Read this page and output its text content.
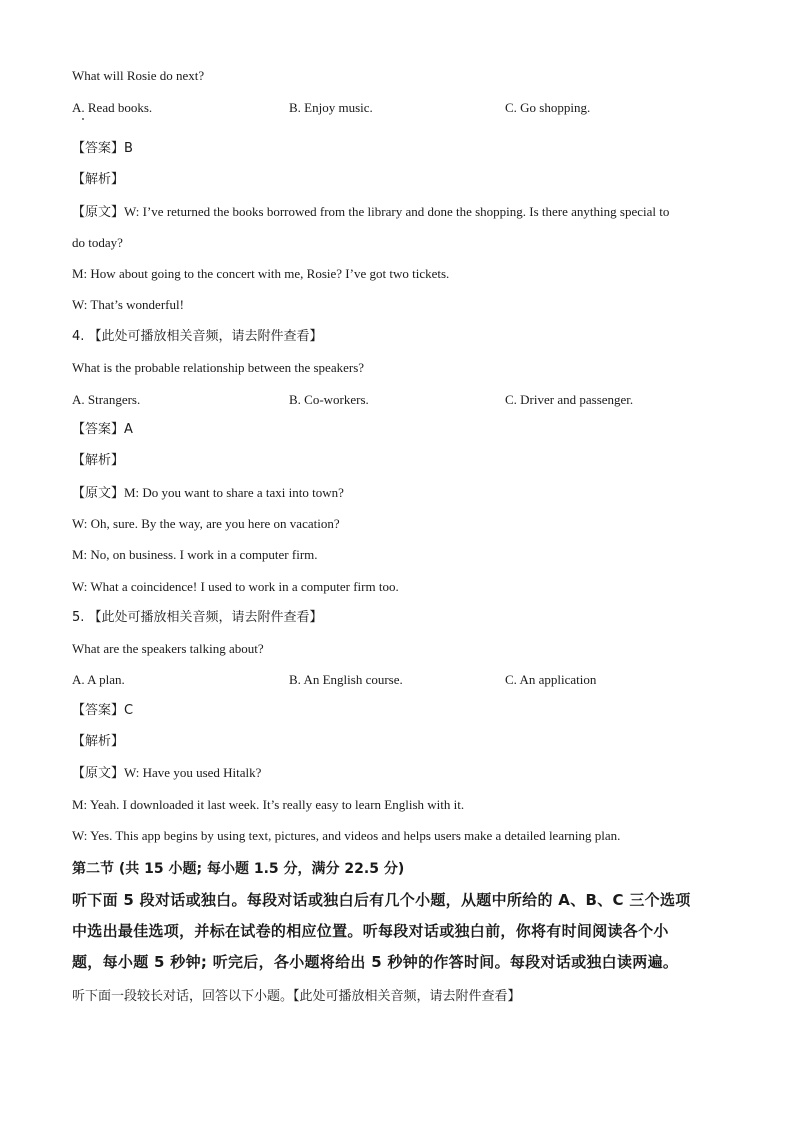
What will Rosie do next?
A. Read books.	B. Enjoy music.	C. Go shopping.
【答案】B
【解析】
【原文】W: I’ve returned the books borrowed from the library and done the shopping. Is there anything special to
do today?
M: How about going to the concert with me, Rosie? I’ve got two tickets.
W: That’s wonderful!
4. 【此处可播放相关音频，请去附件查看】
What is the probable relationship between the speakers?
A. Strangers.	B. Co-workers.	C. Driver and passenger.
【答案】A
【解析】
【原文】M: Do you want to share a taxi into town?
W: Oh, sure. By the way, are you here on vacation?
M: No, on business. I work in a computer firm.
W: What a coincidence! I used to work in a computer firm too.
5. 【此处可播放相关音频，请去附件查看】
What are the speakers talking about?
A. A plan.	B. An English course.	C. An application
【答案】C
【解析】
【原文】W: Have you used Hitalk?
M: Yeah. I downloaded it last week. It’s really easy to learn English with it.
W: Yes. This app begins by using text, pictures, and videos and helps users make a detailed learning plan.
第二节 (共 15 小题; 每小题 1.5 分，满分 22.5 分)
听下面 5 段对话或独白。每段对话或独白后有几个小题，从题中所给的 A、B、C 三个选项
中选出最佳选项，并标在试卷的相应位置。听每段对话或独白前，你将有时间阅读各个小
题，每小题 5 秒钟; 听完后，各小题将给出 5 秒钟的作答时间。每段对话或独白读两遍。
听下面一段较长对话，回答以下小题。【此处可播放相关音频，请去附件查看】
